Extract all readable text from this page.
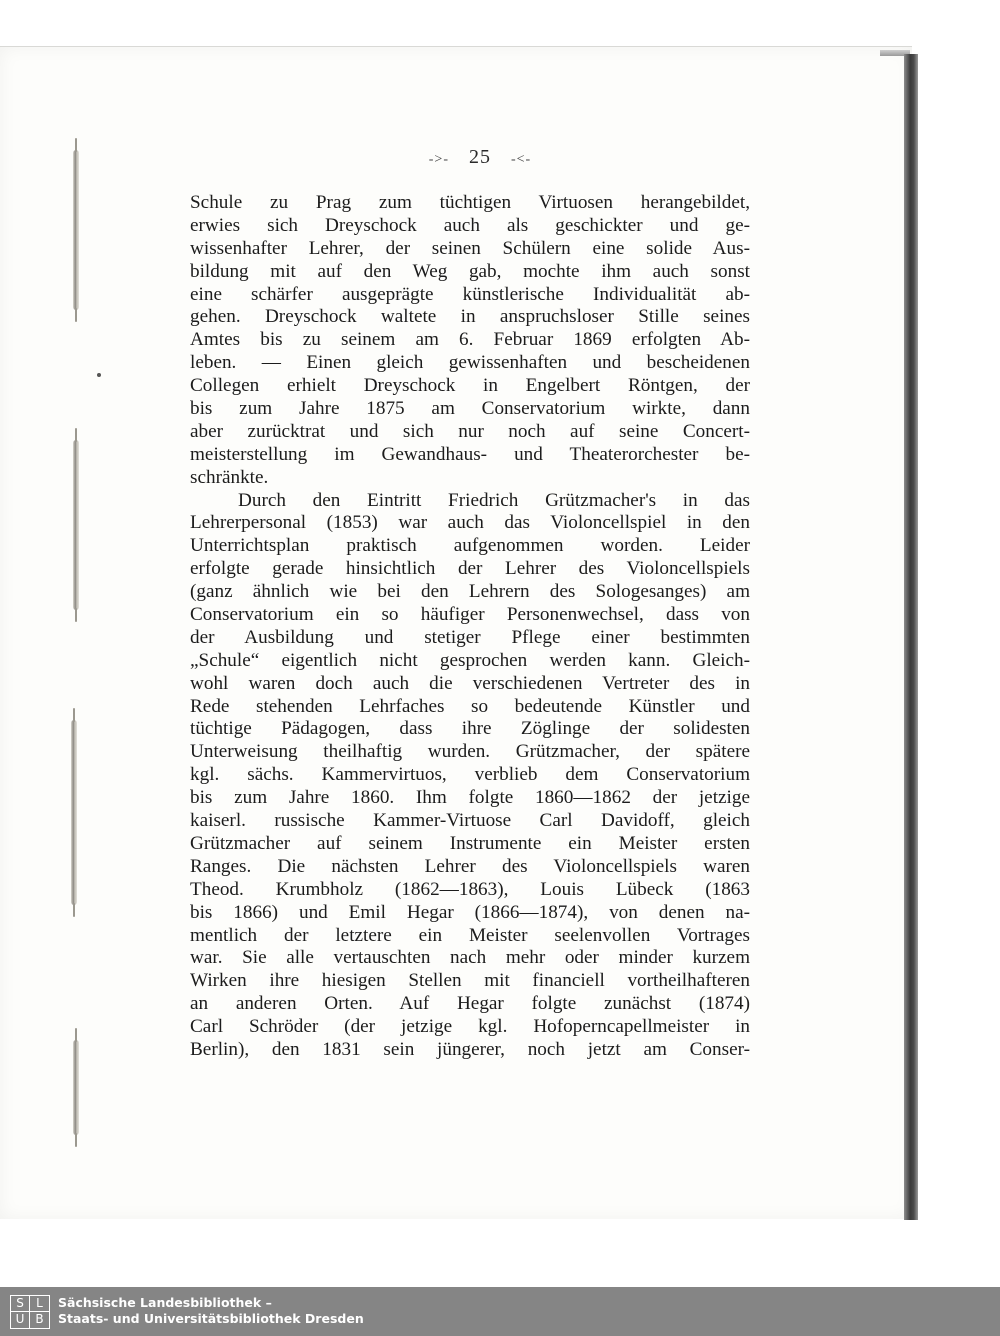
->- 25 -<-
Schule zu Prag zum tüchtigen Virtuosen herangebildet,
erwies sich Dreyschock auch als geschickter und ge-
wissenhafter Lehrer, der seinen Schülern eine solide Aus-
bildung mit auf den Weg gab, mochte ihm auch sonst
eine schärfer ausgeprägte künstlerische Individualität ab-
gehen. Dreyschock waltete in anspruchsloser Stille seines
Amtes bis zu seinem am 6. Februar 1869 erfolgten Ab-
leben. — Einen gleich gewissenhaften und bescheidenen
Collegen erhielt Dreyschock in Engelbert Röntgen, der
bis zum Jahre 1875 am Conservatorium wirkte, dann
aber zurücktrat und sich nur noch auf seine Concert-
meisterstellung im Gewandhaus- und Theaterorchester be-
schränkte.
Durch den Eintritt Friedrich Grützmacher's in das
Lehrerpersonal (1853) war auch das Violoncellspiel in den
Unterrichtsplan praktisch aufgenommen worden. Leider
erfolgte gerade hinsichtlich der Lehrer des Violoncellspiels
(ganz ähnlich wie bei den Lehrern des Sologesanges) am
Conservatorium ein so häufiger Personenwechsel, dass von
der Ausbildung und stetiger Pflege einer bestimmten
„Schule“ eigentlich nicht gesprochen werden kann. Gleich-
wohl waren doch auch die verschiedenen Vertreter des in
Rede stehenden Lehrfaches so bedeutende Künstler und
tüchtige Pädagogen, dass ihre Zöglinge der solidesten
Unterweisung theilhaftig wurden. Grützmacher, der spätere
kgl. sächs. Kammervirtuos, verblieb dem Conservatorium
bis zum Jahre 1860. Ihm folgte 1860—1862 der jetzige
kaiserl. russische Kammer-Virtuose Carl Davidoff, gleich
Grützmacher auf seinem Instrumente ein Meister ersten
Ranges. Die nächsten Lehrer des Violoncellspiels waren
Theod. Krumbholz (1862—1863), Louis Lübeck (1863
bis 1866) und Emil Hegar (1866—1874), von denen na-
mentlich der letztere ein Meister seelenvollen Vortrages
war. Sie alle vertauschten nach mehr oder minder kurzem
Wirken ihre hiesigen Stellen mit financiell vortheilhafteren
an anderen Orten. Auf Hegar folgte zunächst (1874)
Carl Schröder (der jetzige kgl. Hofoperncapellmeister in
Berlin), den 1831 sein jüngerer, noch jetzt am Conser-
S	L
U B
Sächsische Landesbibliothek –
Staats- und Universitätsbibliothek Dresden
